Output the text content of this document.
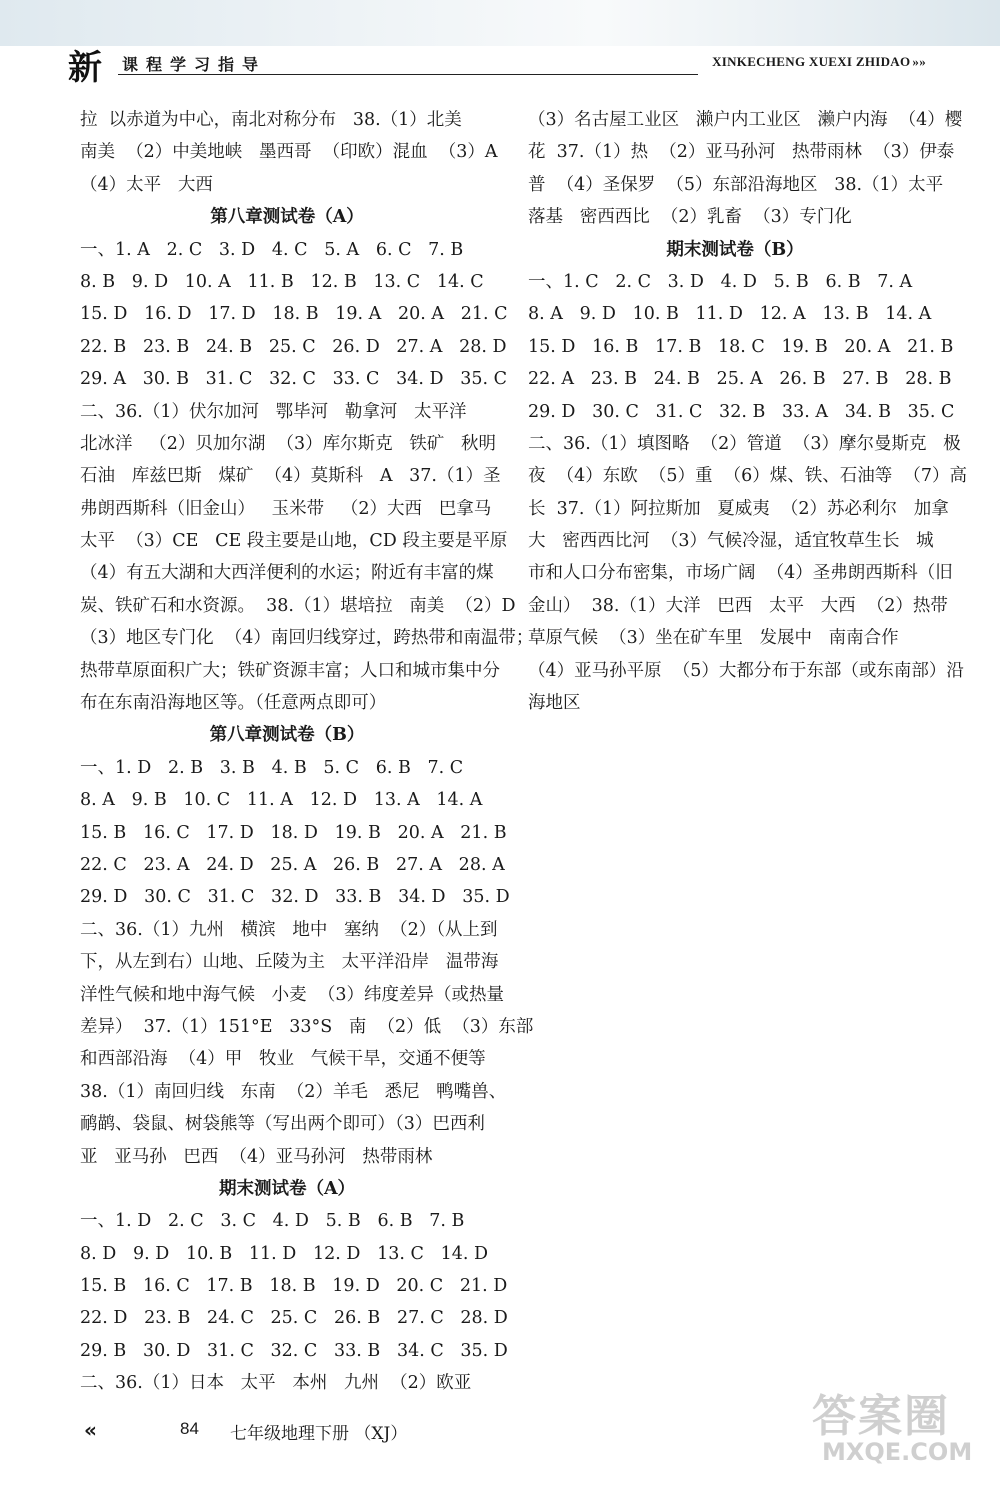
新 课程学习指导	XINKECHENG XUEXI ZHIDAO »»
拉  以赤道为中心，南北对称分布   38.（1）北美
南美  （2）中美地峡   墨西哥  （印欧）混血  （3）A
（4）太平   大西
第八章测试卷（A）
一、1. A   2. C   3. D   4. C   5. A   6. C   7. B
8. B   9. D   10. A   11. B   12. B   13. C   14. C
15. D   16. D   17. D   18. B   19. A   20. A   21. C
22. B   23. B   24. B   25. C   26. D   27. A   28. D
29. A   30. B   31. C   32. C   33. C   34. D   35. C
二、36.（1）伏尔加河   鄂毕河   勒拿河   太平洋
北冰洋   （2）贝加尔湖  （3）库尔斯克   铁矿   秋明
石油   库兹巴斯   煤矿  （4）莫斯科   A   37.（1）圣
弗朗西斯科（旧金山）   玉米带   （2）大西   巴拿马
太平  （3）CE   CE 段主要是山地，CD 段主要是平原
（4）有五大湖和大西洋便利的水运；附近有丰富的煤
炭、铁矿石和水资源。  38.（1）堪培拉   南美  （2）D
（3）地区专门化  （4）南回归线穿过，跨热带和南温带；
热带草原面积广大；铁矿资源丰富；人口和城市集中分
布在东南沿海地区等。（任意两点即可）
第八章测试卷（B）
一、1. D   2. B   3. B   4. B   5. C   6. B   7. C
8. A   9. B   10. C   11. A   12. D   13. A   14. A
15. B   16. C   17. D   18. D   19. B   20. A   21. B
22. C   23. A   24. D   25. A   26. B   27. A   28. A
29. D   30. C   31. C   32. D   33. B   34. D   35. D
二、36.（1）九州   横滨   地中   塞纳  （2）（从上到
下，从左到右）山地、丘陵为主   太平洋沿岸   温带海
洋性气候和地中海气候   小麦  （3）纬度差异（或热量
差异）  37.（1）151°E   33°S   南  （2）低  （3）东部
和西部沿海  （4）甲   牧业   气候干旱，交通不便等
38.（1）南回归线   东南  （2）羊毛   悉尼   鸭嘴兽、
鸸鹋、袋鼠、树袋熊等（写出两个即可）（3）巴西利
亚   亚马孙   巴西  （4）亚马孙河   热带雨林
期末测试卷（A）
一、1. D   2. C   3. C   4. D   5. B   6. B   7. B
8. D   9. D   10. B   11. D   12. D   13. C   14. D
15. B   16. C   17. B   18. B   19. D   20. C   21. D
22. D   23. B   24. C   25. C   26. B   27. C   28. D
29. B   30. D   31. C   32. C   33. B   34. C   35. D
二、36.（1）日本   太平   本州   九州  （2）欧亚
（3）名古屋工业区   濑户内工业区   濑户内海  （4）樱
花  37.（1）热  （2）亚马孙河   热带雨林  （3）伊泰
普  （4）圣保罗  （5）东部沿海地区   38.（1）太平
落基   密西西比  （2）乳畜  （3）专门化
期末测试卷（B）
一、1. C   2. C   3. D   4. D   5. B   6. B   7. A
8. A   9. D   10. B   11. D   12. A   13. B   14. A
15. D   16. B   17. B   18. C   19. B   20. A   21. B
22. A   23. B   24. B   25. A   26. B   27. B   28. B
29. D   30. C   31. C   32. B   33. A   34. B   35. C
二、36.（1）填图略  （2）管道  （3）摩尔曼斯克   极
夜  （4）东欧  （5）重  （6）煤、铁、石油等  （7）高
长  37.（1）阿拉斯加   夏威夷  （2）苏必利尔   加拿
大   密西西比河  （3）气候冷湿，适宜牧草生长   城
市和人口分布密集，市场广阔  （4）圣弗朗西斯科（旧
金山）  38.（1）大洋   巴西   太平   大西  （2）热带
草原气候  （3）坐在矿车里   发展中   南南合作
（4）亚马孙平原  （5）大都分布于东部（或东南部）沿
海地区
«	84 七年级地理下册 （XJ）	答案圈
MXQE.COM
